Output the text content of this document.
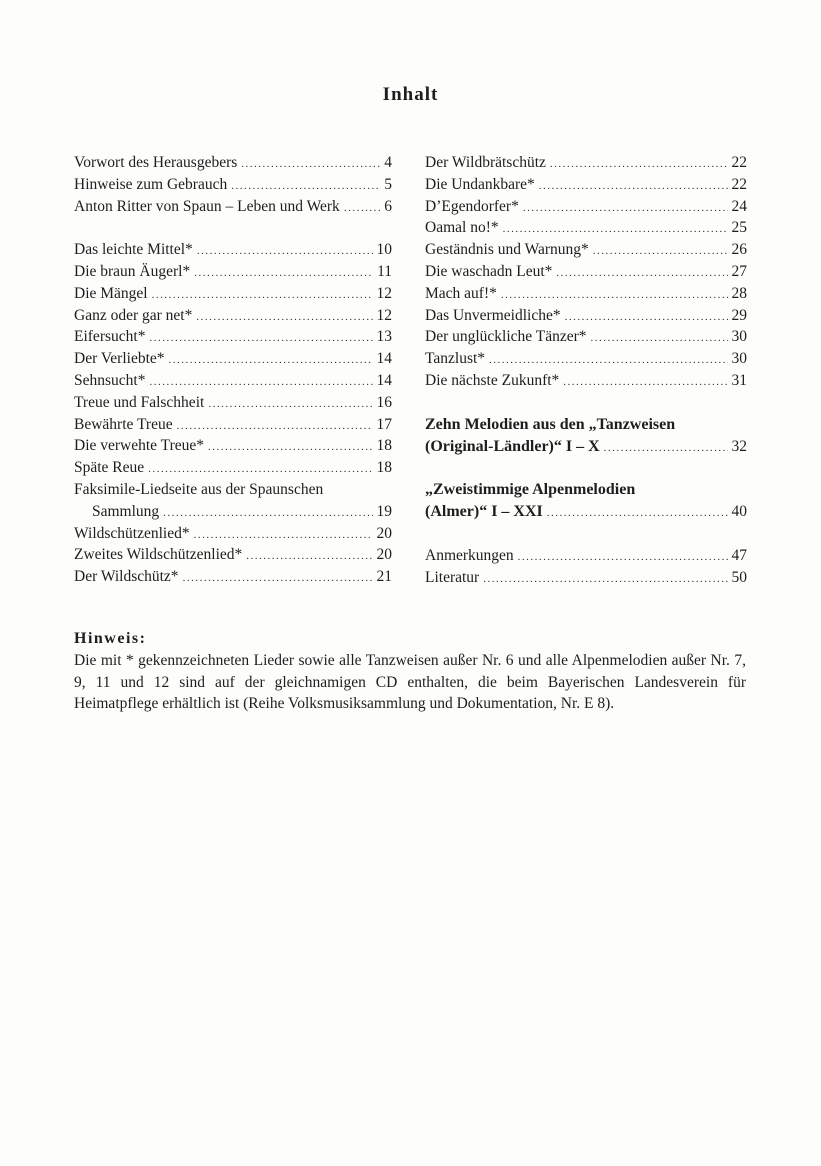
Inhalt
Vorwort des Herausgebers .....	4
Hinweise zum Gebrauch .....	5
Anton Ritter von Spaun – Leben und Werk .....	6
Das leichte Mittel* .....	10
Die braun Äugerl* .....	11
Die Mängel .....	12
Ganz oder gar net* .....	12
Eifersucht* .....	13
Der Verliebte* .....	14
Sehnsucht* .....	14
Treue und Falschheit .....	16
Bewährte Treue .....	17
Die verwehte Treue* .....	18
Späte Reue .....	18
Faksimile-Liedseite aus der Spaunschen
Sammlung .....	19
Wildschützenlied* .....	20
Zweites Wildschützenlied* .....	20
Der Wildschütz* .....	21
Der Wildbrätschütz .....	22
Die Undankbare* .....	22
D’Egendorfer* .....	24
Oamal no!* .....	25
Geständnis und Warnung* .....	26
Die waschadn Leut* .....	27
Mach auf!* .....	28
Das Unvermeidliche* .....	29
Der unglückliche Tänzer* .....	30
Tanzlust* .....	30
Die nächste Zukunft* .....	31
Zehn Melodien aus den „Tanzweisen
(Original-Ländler)“ I – X .....	32
„Zweistimmige Alpenmelodien
(Almer)“ I – XXI .....	40
Anmerkungen .....	47
Literatur .....	50
Hinweis:
Die mit * gekennzeichneten Lieder sowie alle Tanzweisen außer Nr. 6 und alle Alpenmelodien außer Nr. 7, 9, 11 und 12 sind auf der gleichnamigen CD enthalten, die beim Bayerischen Landesverein für Heimatpflege erhältlich ist (Reihe Volksmusiksammlung und Dokumentation, Nr. E 8).
